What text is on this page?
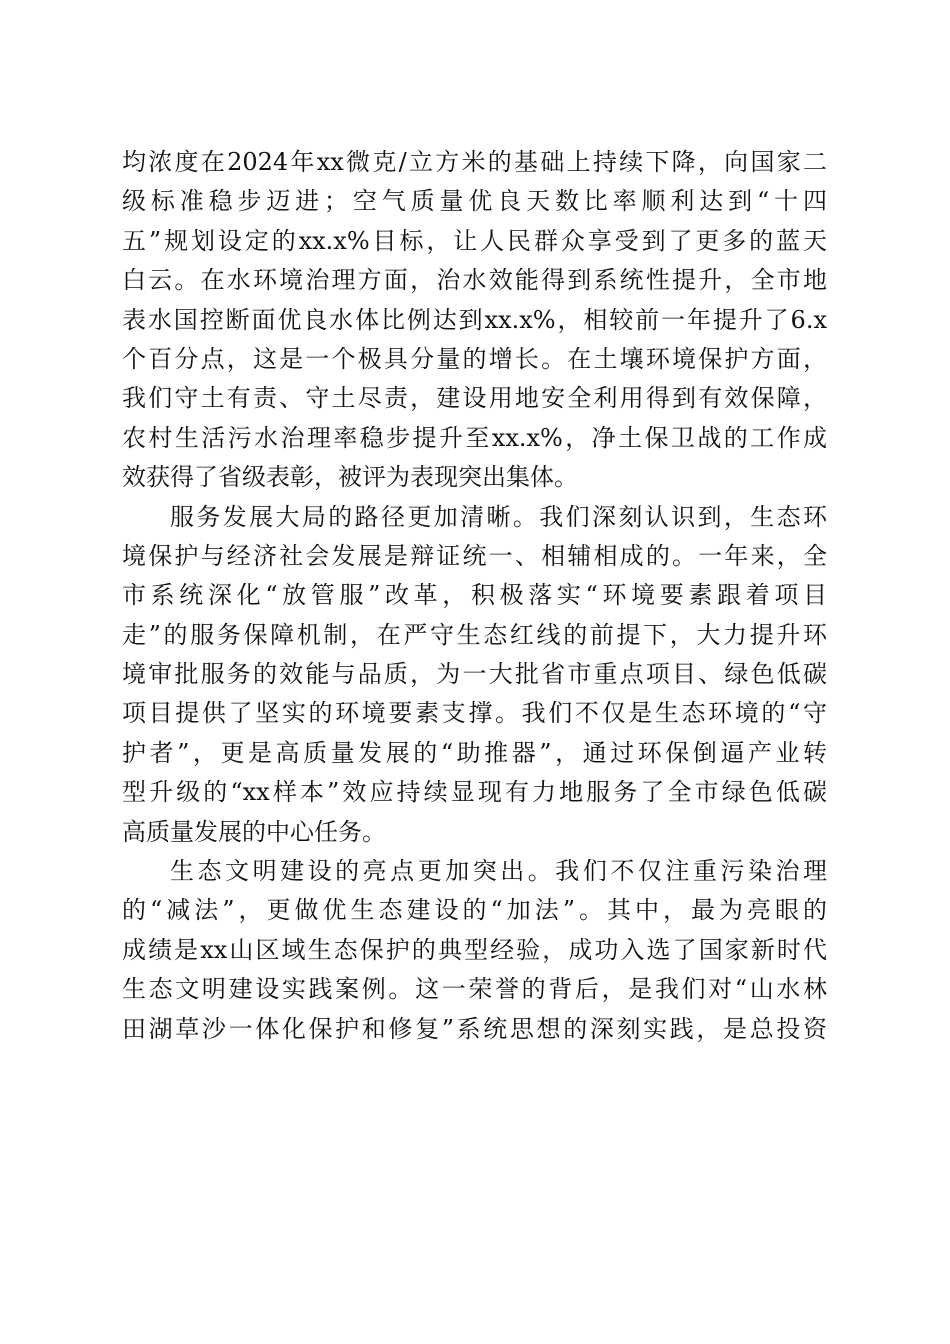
均浓度在2024年xx微克/立方米的基础上持续下降，向国家二
级标准稳步迈进；空气质量优良天数比率顺利达到“十四
五”规划设定的xx.x%目标，让人民群众享受到了更多的蓝天
白云。在水环境治理方面，治水效能得到系统性提升，全市地
表水国控断面优良水体比例达到xx.x%，相较前一年提升了6.x
个百分点，这是一个极具分量的增长。在土壤环境保护方面，
我们守土有责、守土尽责，建设用地安全利用得到有效保障，
农村生活污水治理率稳步提升至xx.x%，净土保卫战的工作成
效获得了省级表彰，被评为表现突出集体。
服务发展大局的路径更加清晰。我们深刻认识到，生态环
境保护与经济社会发展是辩证统一、相辅相成的。一年来，全
市系统深化“放管服”改革，积极落实“环境要素跟着项目
走”的服务保障机制，在严守生态红线的前提下，大力提升环
境审批服务的效能与品质，为一大批省市重点项目、绿色低碳
项目提供了坚实的环境要素支撑。我们不仅是生态环境的“守
护者”，更是高质量发展的“助推器”，通过环保倒逼产业转
型升级的“xx样本”效应持续显现有力地服务了全市绿色低碳
高质量发展的中心任务。
生态文明建设的亮点更加突出。我们不仅注重污染治理
的“减法”，更做优生态建设的“加法”。其中，最为亮眼的
成绩是xx山区域生态保护的典型经验，成功入选了国家新时代
生态文明建设实践案例。这一荣誉的背后，是我们对“山水林
田湖草沙一体化保护和修复”系统思想的深刻实践，是总投资
